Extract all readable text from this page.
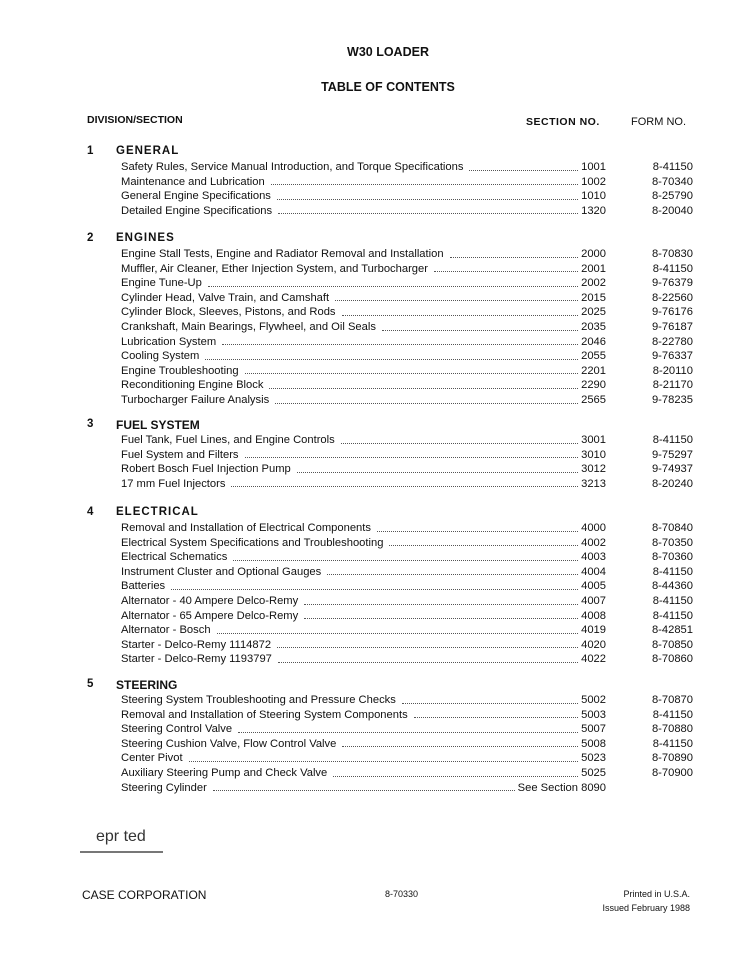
W30 LOADER
TABLE OF CONTENTS
DIVISION/SECTION	SECTION NO.	FORM NO.
1 GENERAL
Safety Rules, Service Manual Introduction, and Torque Specifications	1001	8-41150
Maintenance and Lubrication	1002	8-70340
General Engine Specifications	1010	8-25790
Detailed Engine Specifications	1320	8-20040
2 ENGINES
Engine Stall Tests, Engine and Radiator Removal and Installation	2000	8-70830
Muffler, Air Cleaner, Ether Injection System, and Turbocharger	2001	8-41150
Engine Tune-Up	2002	9-76379
Cylinder Head, Valve Train, and Camshaft	2015	8-22560
Cylinder Block, Sleeves, Pistons, and Rods	2025	9-76176
Crankshaft, Main Bearings, Flywheel, and Oil Seals	2035	9-76187
Lubrication System	2046	8-22780
Cooling System	2055	9-76337
Engine Troubleshooting	2201	8-20110
Reconditioning Engine Block	2290	8-21170
Turbocharger Failure Analysis	2565	9-78235
3 FUEL SYSTEM
Fuel Tank, Fuel Lines, and Engine Controls	3001	8-41150
Fuel System and Filters	3010	9-75297
Robert Bosch Fuel Injection Pump	3012	9-74937
17 mm Fuel Injectors	3213	8-20240
4 ELECTRICAL
Removal and Installation of Electrical Components	4000	8-70840
Electrical System Specifications and Troubleshooting	4002	8-70350
Electrical Schematics	4003	8-70360
Instrument Cluster and Optional Gauges	4004	8-41150
Batteries	4005	8-44360
Alternator - 40 Ampere Delco-Remy	4007	8-41150
Alternator - 65 Ampere Delco-Remy	4008	8-41150
Alternator - Bosch	4019	8-42851
Starter - Delco-Remy 1114872	4020	8-70850
Starter - Delco-Remy 1193797	4022	8-70860
5 STEERING
Steering System Troubleshooting and Pressure Checks	5002	8-70870
Removal and Installation of Steering System Components	5003	8-41150
Steering Control Valve	5007	8-70880
Steering Cushion Valve, Flow Control Valve	5008	8-41150
Center Pivot	5023	8-70890
Auxiliary Steering Pump and Check Valve	5025	8-70900
Steering Cylinder	See Section 8090
epr ted
CASE CORPORATION	8-70330	Printed in U.S.A.
Issued February 1988
